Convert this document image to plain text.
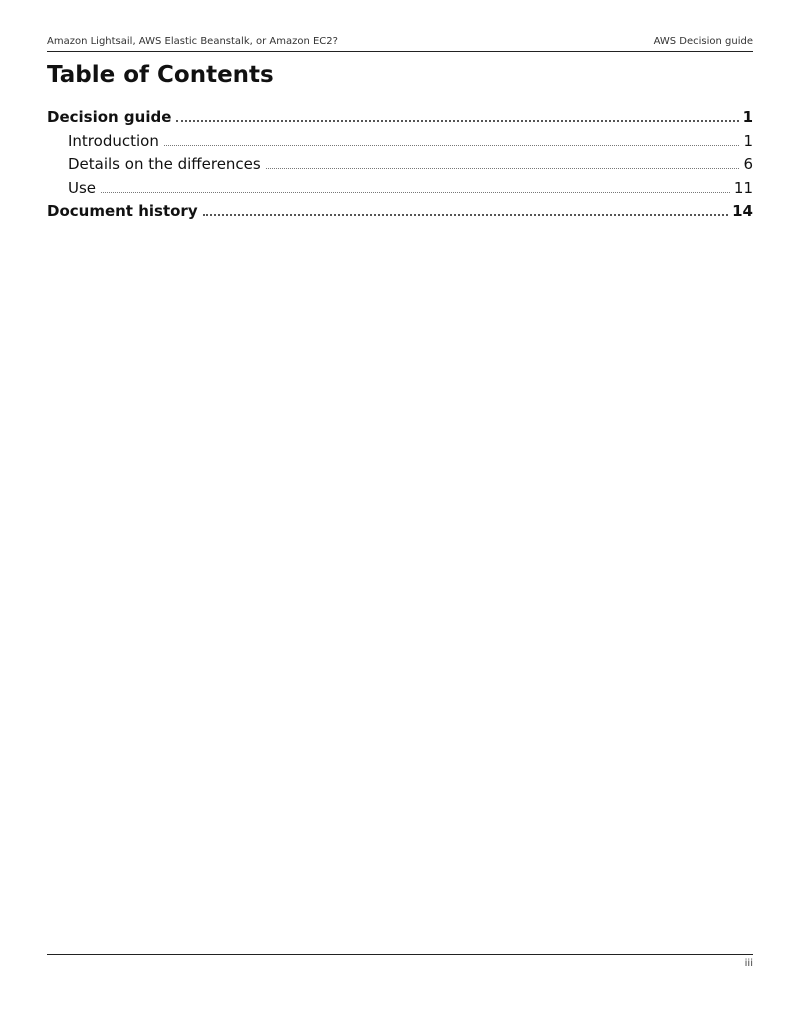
Amazon Lightsail, AWS Elastic Beanstalk, or Amazon EC2?	AWS Decision guide
Table of Contents
Decision guide	1
Introduction	1
Details on the differences	6
Use	11
Document history	14
iii
